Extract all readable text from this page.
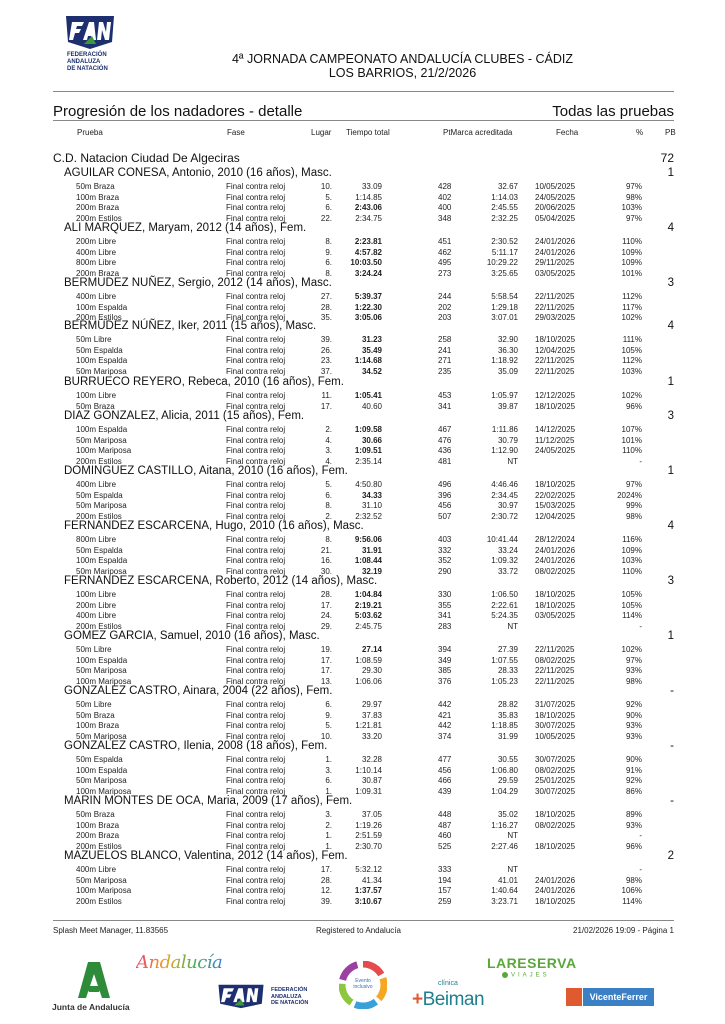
FEDERACIÓN
ANDALUZA
DE NATACIÓN
4ª JORNADA CAMPEONATO ANDALUCÍA CLUBES - CÁDIZ
LOS BARRIOS, 21/2/2026
Progresión de los nadadores - detalle	Todas las pruebas
Prueba	Fase	Lugar Tiempo total	PtMarca acreditada	Fecha	%	PB
C.D. Natacion Ciudad De Algeciras	72
AGUILAR CONESA, Antonio, 2010 (16 años), Masc.	1
50m Braza	Final contra reloj	10.	33.09	428	32.67 10/05/2025	97%
100m Braza	Final contra reloj	5.	1:14.85	402	1:14.03 24/05/2025	98%
200m Braza	Final contra reloj	6.	2:43.06	400	2:45.55 20/06/2025	103%
200m Estilos	Final contra reloj	22.	2:34.75	348	2:32.25 05/04/2025	97%
ALI MARQUEZ, Maryam, 2012 (14 años), Fem.	4
200m Libre	Final contra reloj	8.	2:23.81	451	2:30.52 24/01/2026	110%
400m Libre	Final contra reloj	9.	4:57.82	462	5:11.17 24/01/2026	109%
800m Libre	Final contra reloj	6.	10:03.50	495	10:29.22 29/11/2025	109%
200m Braza	Final contra reloj	8.	3:24.24	273	3:25.65 03/05/2025	101%
BERMUDEZ NUÑEZ, Sergio, 2012 (14 años), Masc.	3
400m Libre	Final contra reloj	27.	5:39.37	244	5:58.54 22/11/2025	112%
100m Espalda	Final contra reloj	28.	1:22.30	202	1:29.18 22/11/2025	117%
200m Estilos	Final contra reloj	35.	3:05.06	203	3:07.01 29/03/2025	102%
BERMÚDEZ NÚÑEZ, Iker, 2011 (15 años), Masc.	4
50m Libre	Final contra reloj	39.	31.23	258	32.90 18/10/2025	111%
50m Espalda	Final contra reloj	26.	35.49	241	36.30 12/04/2025	105%
100m Espalda	Final contra reloj	23.	1:14.68	271	1:18.92 22/11/2025	112%
50m Mariposa	Final contra reloj	37.	34.52	235	35.09 22/11/2025	103%
BURRUECO REYERO, Rebeca, 2010 (16 años), Fem.	1
100m Libre	Final contra reloj	11.	1:05.41	453	1:05.97 12/12/2025	102%
50m Braza	Final contra reloj	17.	40.60	341	39.87 18/10/2025	96%
DIAZ GONZALEZ, Alicia, 2011 (15 años), Fem.	3
100m Espalda	Final contra reloj	2.	1:09.58	467	1:11.86 14/12/2025	107%
50m Mariposa	Final contra reloj	4.	30.66	476	30.79 11/12/2025	101%
100m Mariposa	Final contra reloj	3.	1:09.51	436	1:12.90 24/05/2025	110%
200m Estilos	Final contra reloj	4.	2:35.14	481	NT	-
DOMINGUEZ CASTILLO, Aitana, 2010 (16 años), Fem.	1
400m Libre	Final contra reloj	5.	4:50.80	496	4:46.46 18/10/2025	97%
50m Espalda	Final contra reloj	6.	34.33	396	2:34.45 22/02/2025	2024%
50m Mariposa	Final contra reloj	8.	31.10	456	30.97 15/03/2025	99%
200m Estilos	Final contra reloj	2.	2:32.52	507	2:30.72 12/04/2025	98%
FERNANDEZ ESCARCENA, Hugo, 2010 (16 años), Masc.	4
800m Libre	Final contra reloj	8.	9:56.06	403	10:41.44 28/12/2024	116%
50m Espalda	Final contra reloj	21.	31.91	332	33.24 24/01/2026	109%
100m Espalda	Final contra reloj	16.	1:08.44	352	1:09.32 24/01/2026	103%
50m Mariposa	Final contra reloj	30.	32.19	290	33.72 08/02/2025	110%
FERNANDEZ ESCARCENA, Roberto, 2012 (14 años), Masc.	3
100m Libre	Final contra reloj	28.	1:04.84	330	1:06.50 18/10/2025	105%
200m Libre	Final contra reloj	17.	2:19.21	355	2:22.61 18/10/2025	105%
400m Libre	Final contra reloj	24.	5:03.62	341	5:24.35 03/05/2025	114%
200m Estilos	Final contra reloj	29.	2:45.75	283	NT	-
GOMEZ GARCIA, Samuel, 2010 (16 años), Masc.	1
50m Libre	Final contra reloj	19.	27.14	394	27.39 22/11/2025	102%
100m Espalda	Final contra reloj	17.	1:08.59	349	1:07.55 08/02/2025	97%
50m Mariposa	Final contra reloj	17.	29.30	385	28.33 22/11/2025	93%
100m Mariposa	Final contra reloj	13.	1:06.06	376	1:05.23 22/11/2025	98%
GONZALEZ CASTRO, Ainara, 2004 (22 años), Fem.	-
50m Libre	Final contra reloj	6.	29.97	442	28.82 31/07/2025	92%
50m Braza	Final contra reloj	9.	37.83	421	35.83 18/10/2025	90%
100m Braza	Final contra reloj	5.	1:21.81	442	1:18.85 30/07/2025	93%
50m Mariposa	Final contra reloj	10.	33.20	374	31.99 10/05/2025	93%
GONZALEZ CASTRO, Ilenia, 2008 (18 años), Fem.	-
50m Espalda	Final contra reloj	1.	32.28	477	30.55 30/07/2025	90%
100m Espalda	Final contra reloj	3.	1:10.14	456	1:06.80 08/02/2025	91%
50m Mariposa	Final contra reloj	6.	30.87	466	29.59 25/01/2025	92%
100m Mariposa	Final contra reloj	1.	1:09.31	439	1:04.29 30/07/2025	86%
MARIN MONTES DE OCA, Maria, 2009 (17 años), Fem.	-
50m Braza	Final contra reloj	3.	37.05	448	35.02 18/10/2025	89%
100m Braza	Final contra reloj	2.	1:19.26	487	1:16.27 08/02/2025	93%
200m Braza	Final contra reloj	1.	2:51.59	460	NT	-
200m Estilos	Final contra reloj	1.	2:30.70	525	2:27.46 18/10/2025	96%
MAZUELOS BLANCO, Valentina, 2012 (14 años), Fem.	2
400m Libre	Final contra reloj	17.	5:32.12	333	NT	-
50m Mariposa	Final contra reloj	28.	41.34	194	41.01 24/01/2026	98%
100m Mariposa	Final contra reloj	12.	1:37.57	157	1:40.64 24/01/2026	106%
200m Estilos	Final contra reloj	39.	3:10.67	259	3:23.71 18/10/2025	114%
Splash Meet Manager, 11.83565	Registered to Andalucía	21/02/2026 19:09 - Página 1
Junta de Andalucía
Andalucía
FEDERACIÓN
ANDALUZA
DE NATACIÓN
Evento inclusivo
LARESERVA
VIAJES
clínica
+Beiman	VicenteFerrer
